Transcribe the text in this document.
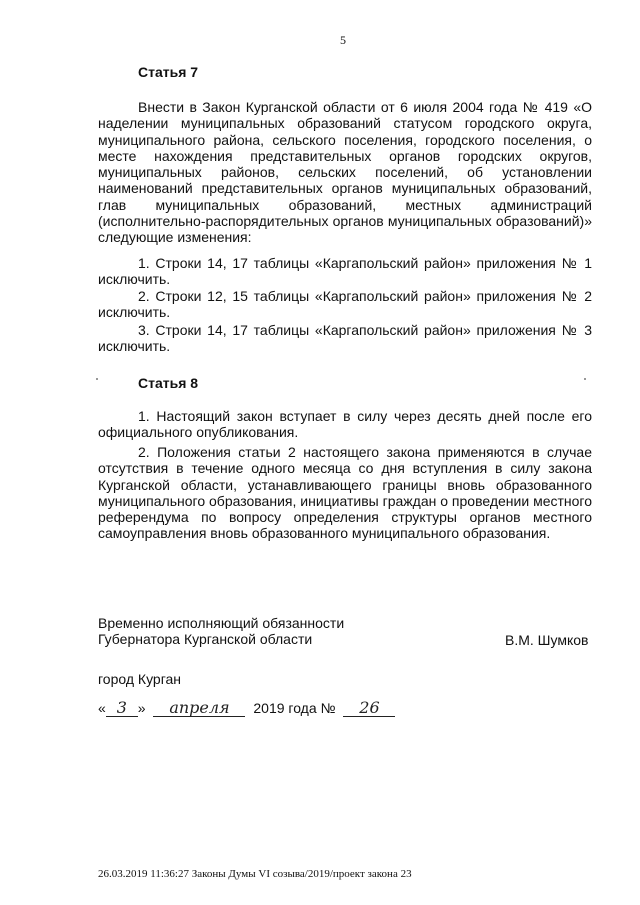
5
Статья 7

Внести в Закон Курганской области от 6 июля 2004 года № 419 «О наделении муниципальных образований статусом городского округа, муниципального района, сельского поселения, городского поселения, о месте нахождения представительных органов городских округов, муниципальных районов, сельских поселений, об установлении наименований представительных органов муниципальных образований, глав муниципальных образований, местных администраций (исполнительно-распорядительных органов муниципальных образований)» следующие изменения:

1. Строки 14, 17 таблицы «Каргапольский район» приложения № 1 исключить.

2. Строки 12, 15 таблицы «Каргапольский район» приложения № 2 исключить.

3. Строки 14, 17 таблицы «Каргапольский район» приложения № 3 исключить.

Статья 8

1. Настоящий закон вступает в силу через десять дней после его официального опубликования.

2. Положения статьи 2 настоящего закона применяются в случае отсутствия в течение одного месяца со дня вступления в силу закона Курганской области, устанавливающего границы вновь образованного муниципального образования, инициативы граждан о проведении местного референдума по вопросу определения структуры органов местного самоуправления вновь образованного муниципального образования.

Временно исполняющий обязанности
Губернатора Курганской области	В.М. Шумков
город Курган
« 3 » апреля 2019 года № 26
26.03.2019 11:36:27 Законы Думы VI созыва/2019/проект закона 23
